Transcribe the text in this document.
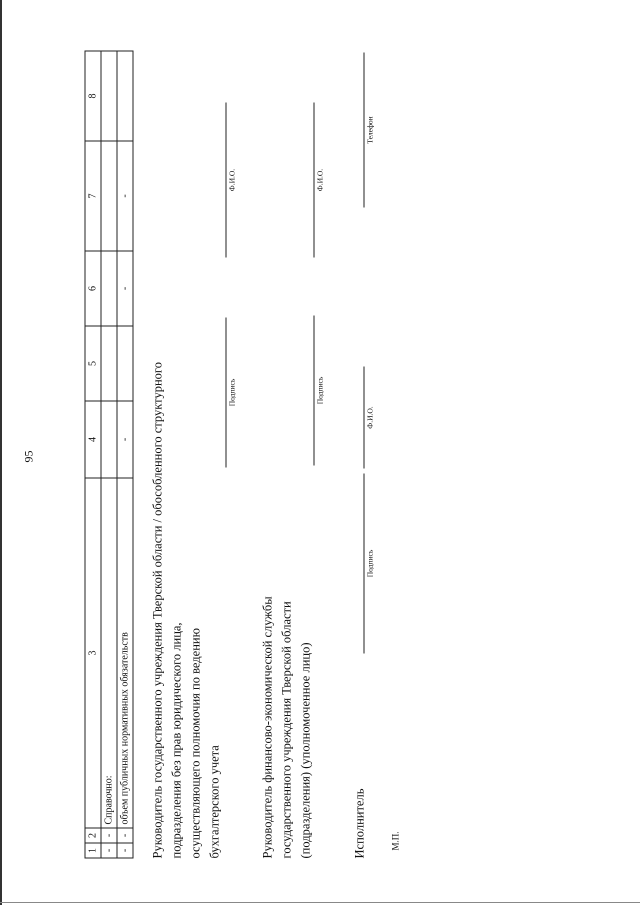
95
1	2	3	4	5	6	7	8
-	-	Справочно:					
-	-	объем публичных нормативных обязательств	-		-	-	
Руководитель государственного учреждения Тверской области / обособленного структурного подразделения без прав юридического лица, осуществляющего полномочия по ведению бухгалтерского учета
Подпись
Ф.И.О.
Руководитель финансово-экономической службы государственного учреждения Тверской области (подразделения) (уполномоченное лицо)
Подпись
Ф.И.О.
Исполнитель
Подпись
Ф.И.О.
Телефон
М.П.
